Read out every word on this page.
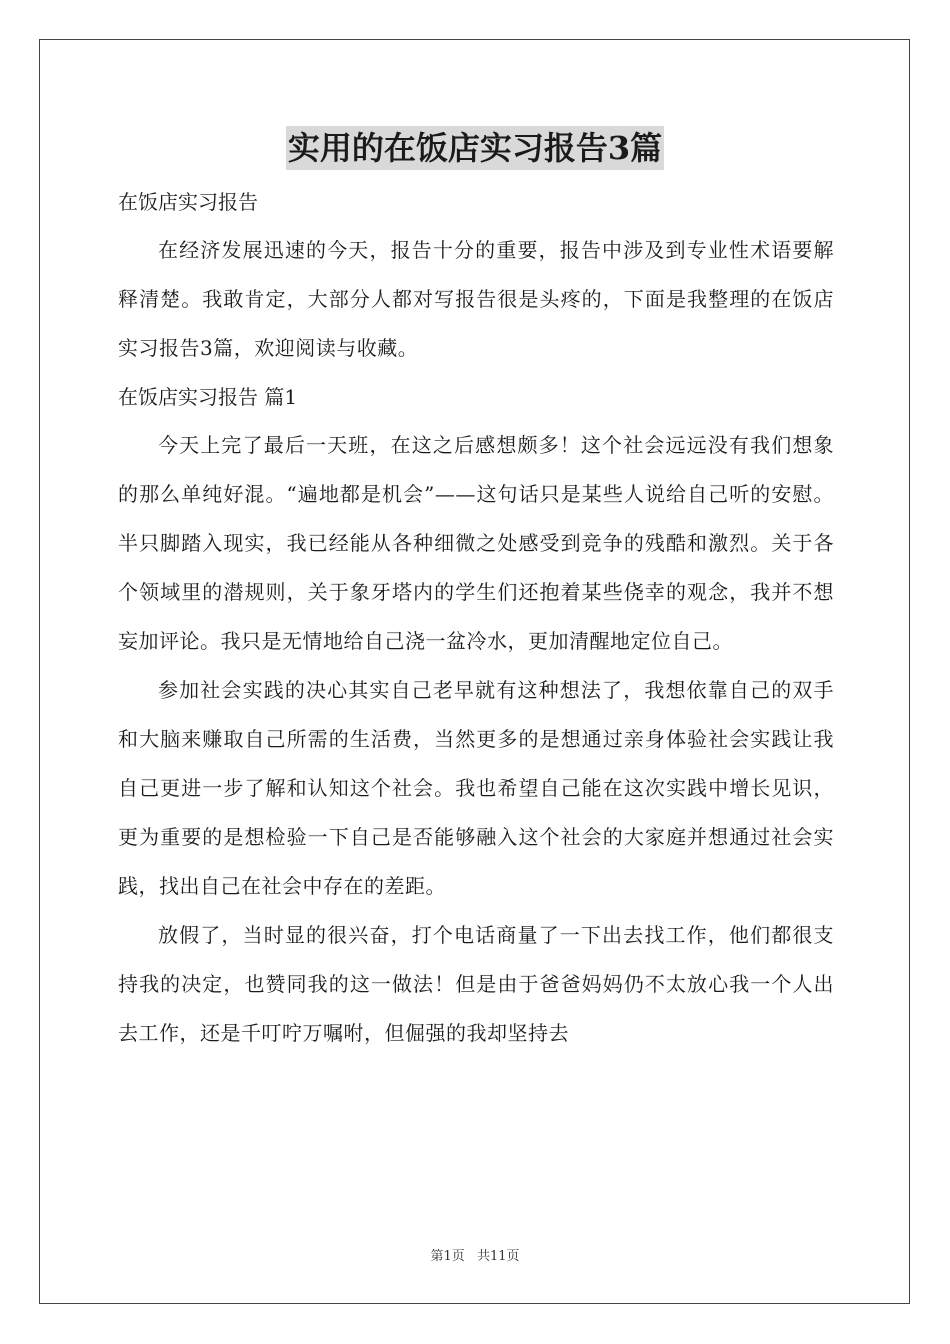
实用的在饭店实习报告3篇

在饭店实习报告

在经济发展迅速的今天，报告十分的重要，报告中涉及到专业性术语要解释清楚。我敢肯定，大部分人都对写报告很是头疼的，下面是我整理的在饭店实习报告3篇，欢迎阅读与收藏。

在饭店实习报告 篇1

今天上完了最后一天班，在这之后感想颇多！这个社会远远没有我们想象的那么单纯好混。“遍地都是机会”——这句话只是某些人说给自己听的安慰。半只脚踏入现实，我已经能从各种细微之处感受到竞争的残酷和激烈。关于各个领域里的潜规则，关于象牙塔内的学生们还抱着某些侥幸的观念，我并不想妄加评论。我只是无情地给自己浇一盆冷水，更加清醒地定位自己。

参加社会实践的决心其实自己老早就有这种想法了，我想依靠自己的双手和大脑来赚取自己所需的生活费，当然更多的是想通过亲身体验社会实践让我自己更进一步了解和认知这个社会。我也希望自己能在这次实践中增长见识，更为重要的是想检验一下自己是否能够融入这个社会的大家庭并想通过社会实践，找出自己在社会中存在的差距。

放假了，当时显的很兴奋，打个电话商量了一下出去找工作，他们都很支持我的决定，也赞同我的这一做法！但是由于爸爸妈妈仍不太放心我一个人出去工作，还是千叮咛万嘱咐，但倔强的我却坚持去

第1页 共11页
